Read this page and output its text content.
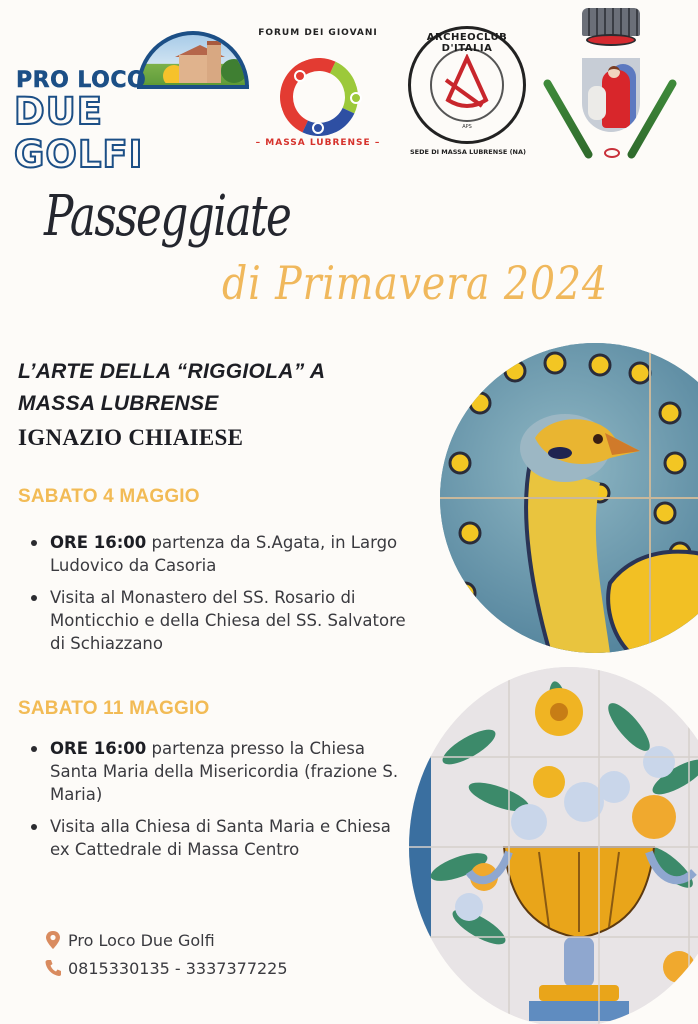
PRO LOCO
DUE GOLFI
FORUM DEI GIOVANI
– MASSA LUBRENSE –
ARCHEOCLUB D'ITALIA
APS
SEDE DI MASSA LUBRENSE (NA)
Passeggiate
di Primavera 2024
L’ARTE DELLA “RIGGIOLA” A MASSA LUBRENSE
IGNAZIO CHIAIESE
SABATO 4 MAGGIO
ORE 16:00 partenza da S.Agata, in Largo Ludovico da Casoria
Visita al Monastero del SS. Rosario di Monticchio e della Chiesa del SS. Salvatore di Schiazzano
SABATO 11 MAGGIO
ORE 16:00 partenza presso la Chiesa Santa Maria della Misericordia (frazione S. Maria)
Visita alla Chiesa di Santa Maria e Chiesa ex Cattedrale di Massa Centro
Pro Loco Due Golfi
0815330135 - 3337377225
